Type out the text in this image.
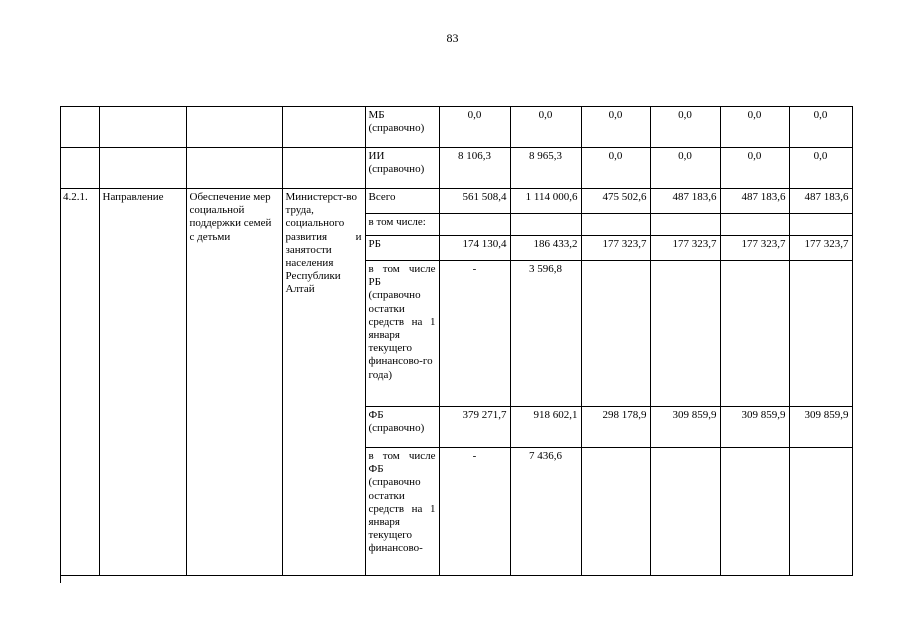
83
				МБ (справочно)	0,0	0,0	0,0	0,0	0,0	0,0
				ИИ (справочно)	8 106,3	8 965,3	0,0	0,0	0,0	0,0
4.2.1.	Направление	Обеспечение мер социальной поддержки семей с детьми	Министерст-во труда, социального развития и занятости населения Республики Алтай	Всего	561 508,4	1 114 000,6	475 502,6	487 183,6	487 183,6	487 183,6
				в том числе:						
				РБ	174 130,4	186 433,2	177 323,7	177 323,7	177 323,7	177 323,7
				в том числе РБ (справочно остатки средств на 1 января текущего финансово-го года)	-	3 596,8				
				ФБ (справочно)	379 271,7	918 602,1	298 178,9	309 859,9	309 859,9	309 859,9
				в том числе ФБ (справочно остатки средств на 1 января текущего финансово-	-	7 436,6				
